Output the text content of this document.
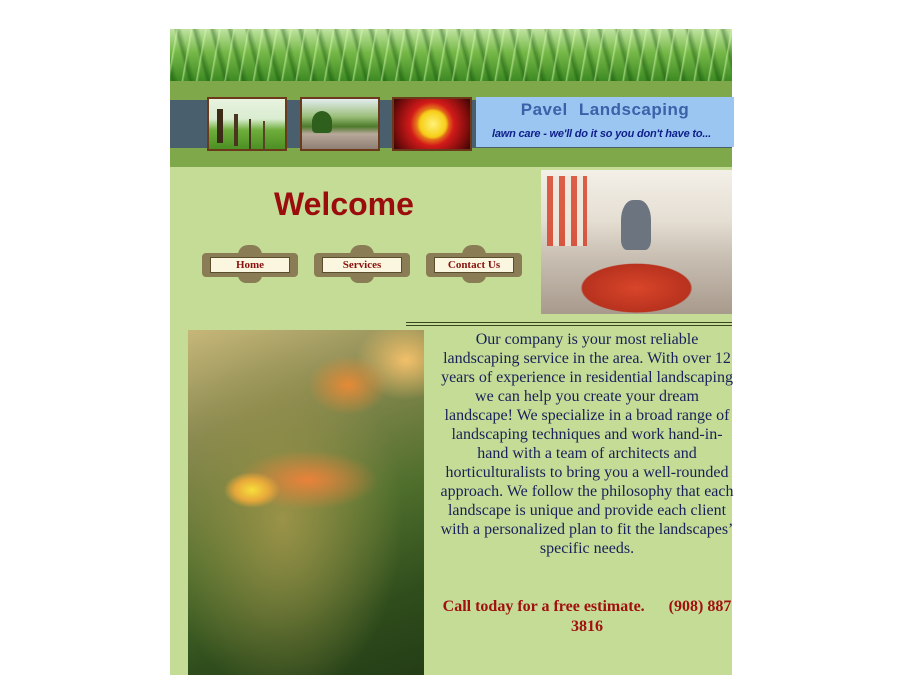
Pavel Landscaping
lawn care - we'll do it so you don't have to...
Welcome
Home	Services	Contact Us

Our company is your most reliable landscaping service in the area. With over 12 years of experience in residential landscaping we can help you create your dream landscape! We specialize in a broad range of landscaping techniques and work hand-in-hand with a team of architects and horticulturalists to bring you a well-rounded approach. We follow the philosophy that each landscape is unique and provide each client with a personalized plan to fit the landscapes’ specific needs.

Call today for a free estimate.      (908) 887 3816
